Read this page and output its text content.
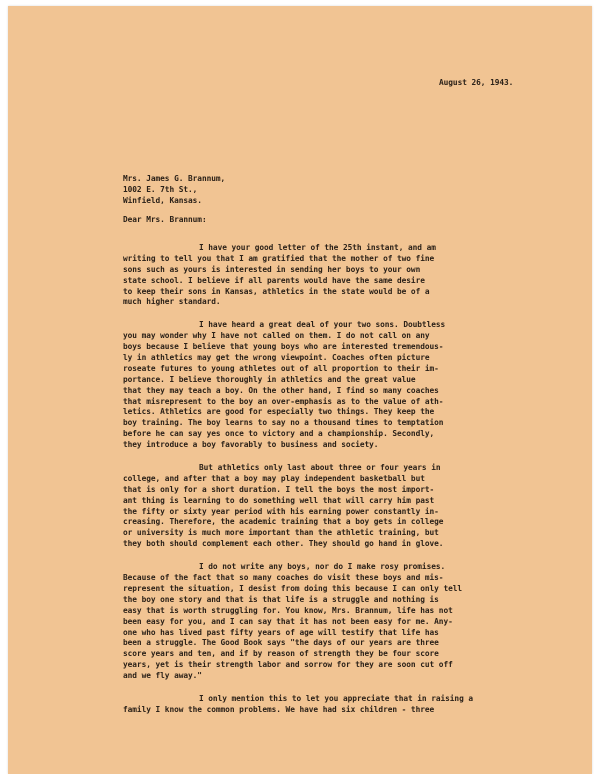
August 26, 1943.
Mrs. James G. Brannum,
1002 E. 7th St.,
Winfield, Kansas.
Dear Mrs. Brannum:
I have your good letter of the 25th instant, and am
writing to tell you that I am gratified that the mother of two fine
sons such as yours is interested in sending her boys to your own
state school. I believe if all parents would have the same desire
to keep their sons in Kansas, athletics in the state would be of a
much higher standard.
I have heard a great deal of your two sons. Doubtless
you may wonder why I have not called on them. I do not call on any
boys because I believe that young boys who are interested tremendous-
ly in athletics may get the wrong viewpoint. Coaches often picture
roseate futures to young athletes out of all proportion to their im-
portance. I believe thoroughly in athletics and the great value
that they may teach a boy. On the other hand, I find so many coaches
that misrepresent to the boy an over-emphasis as to the value of ath-
letics. Athletics are good for especially two things. They keep the
boy training. The boy learns to say no a thousand times to temptation
before he can say yes once to victory and a championship. Secondly,
they introduce a boy favorably to business and society.
But athletics only last about three or four years in
college, and after that a boy may play independent basketball but
that is only for a short duration. I tell the boys the most import-
ant thing is learning to do something well that will carry him past
the fifty or sixty year period with his earning power constantly in-
creasing. Therefore, the academic training that a boy gets in college
or university is much more important than the athletic training, but
they both should complement each other. They should go hand in glove.
I do not write any boys, nor do I make rosy promises.
Because of the fact that so many coaches do visit these boys and mis-
represent the situation, I desist from doing this because I can only tell
the boy one story and that is that life is a struggle and nothing is
easy that is worth struggling for. You know, Mrs. Brannum, life has not
been easy for you, and I can say that it has not been easy for me. Any-
one who has lived past fifty years of age will testify that life has
been a struggle. The Good Book says "the days of our years are three
score years and ten, and if by reason of strength they be four score
years, yet is their strength labor and sorrow for they are soon cut off
and we fly away."
I only mention this to let you appreciate that in raising a
family I know the common problems. We have had six children - three
